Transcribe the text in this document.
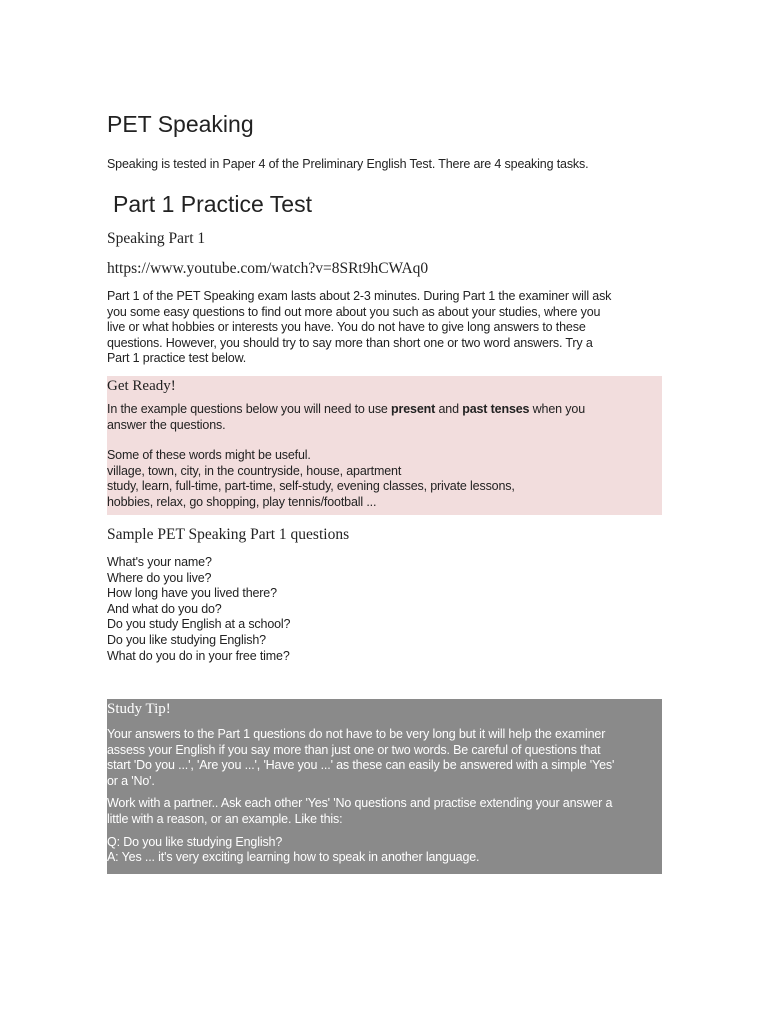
PET Speaking

Speaking is tested in Paper 4 of the Preliminary English Test. There are 4 speaking tasks.

Part 1 Practice Test
Speaking Part 1
https://www.youtube.com/watch?v=8SRt9hCWAq0

Part 1 of the PET Speaking exam lasts about 2-3 minutes. During Part 1 the examiner will ask
you some easy questions to find out more about you such as about your studies, where you
live or what hobbies or interests you have. You do not have to give long answers to these
questions. However, you should try to say more than short one or two word answers. Try a
Part 1 practice test below.

Get Ready!

In the example questions below you will need to use present and past tenses when you
answer the questions.

Some of these words might be useful.
village, town, city, in the countryside, house, apartment
study, learn, full-time, part-time, self-study, evening classes, private lessons,
hobbies, relax, go shopping, play tennis/football ...

Sample PET Speaking Part 1 questions
What's your name?
Where do you live?
How long have you lived there?
And what do you do?
Do you study English at a school?
Do you like studying English?
What do you do in your free time?
Study Tip!

Your answers to the Part 1 questions do not have to be very long but it will help the examiner
assess your English if you say more than just one or two words. Be careful of questions that
start 'Do you ...', 'Are you ...', 'Have you ...' as these can easily be answered with a simple 'Yes'
or a 'No'.

Work with a partner.. Ask each other 'Yes' 'No questions and practise extending your answer a
little with a reason, or an example. Like this:

Q: Do you like studying English?
A: Yes ... it's very exciting learning how to speak in another language.
